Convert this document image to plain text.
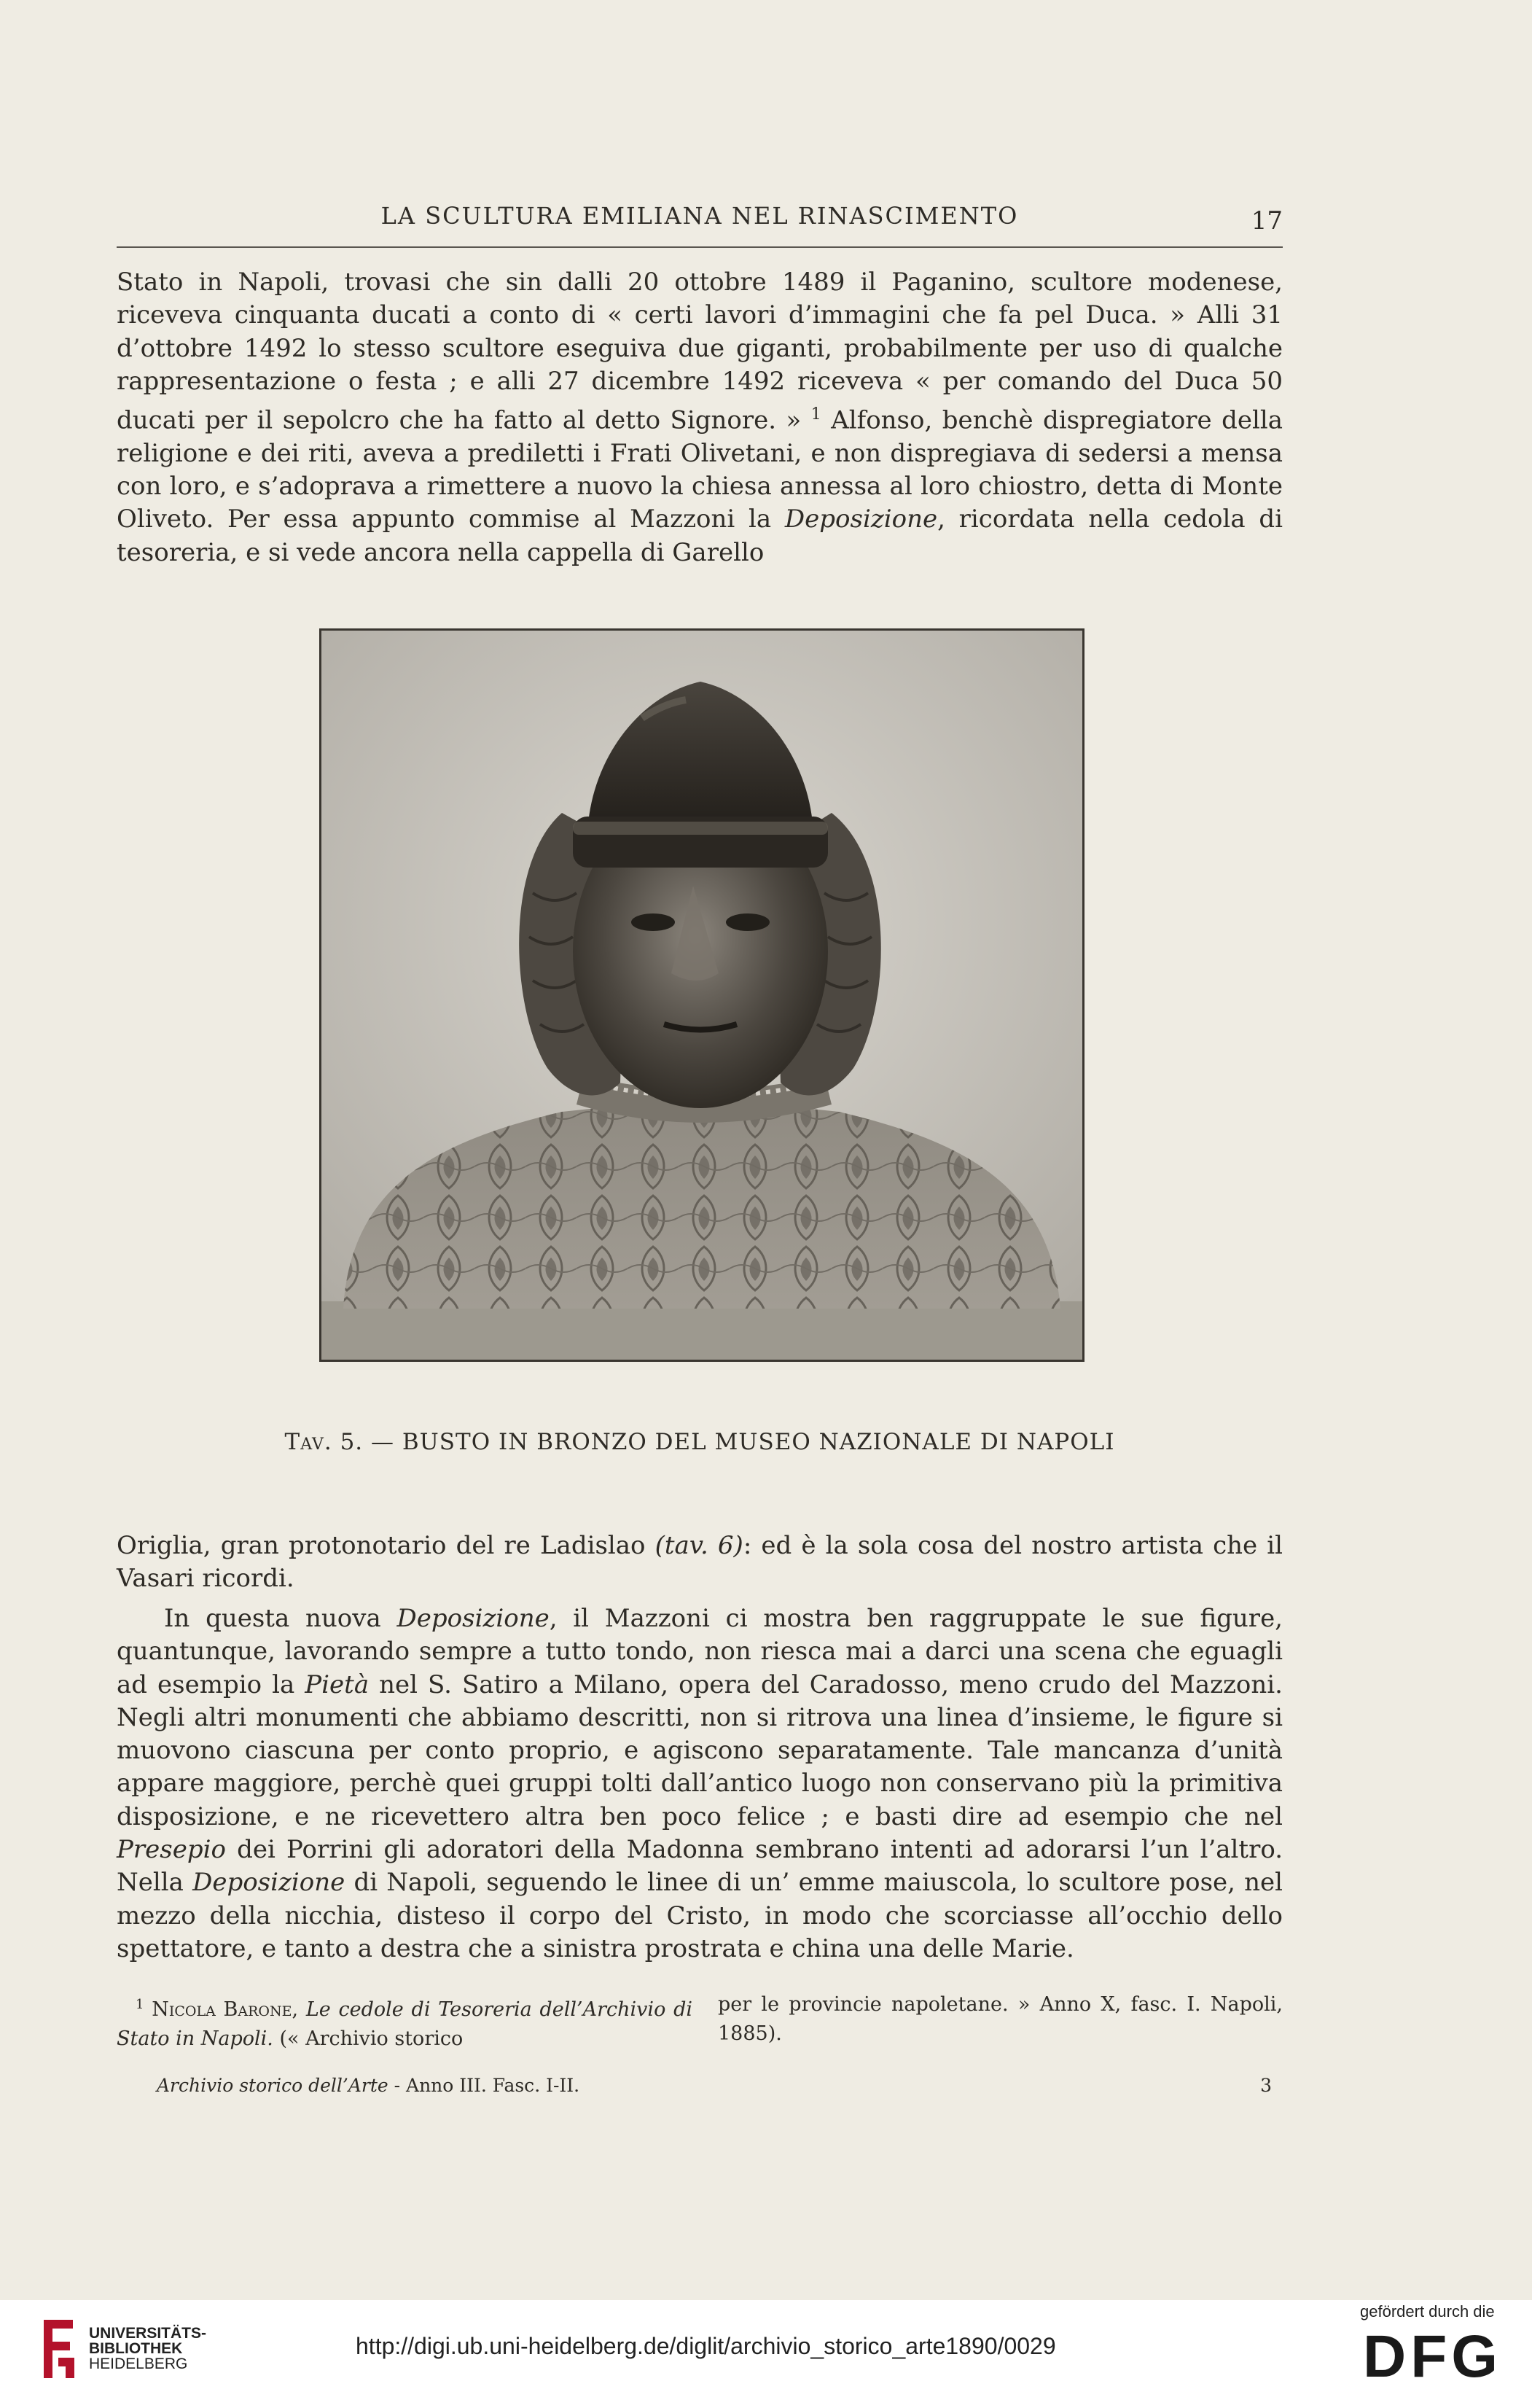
LA SCULTURA EMILIANA NEL RINASCIMENTO	17
Stato in Napoli, trovasi che sin dalli 20 ottobre 1489 il Paganino, scultore modenese, riceveva cinquanta ducati a conto di « certi lavori d’immagini che fa pel Duca. » Alli 31 d’ottobre 1492 lo stesso scultore eseguiva due giganti, probabilmente per uso di qualche rappresentazione o festa ; e alli 27 dicembre 1492 riceveva « per comando del Duca 50 ducati per il sepolcro che ha fatto al detto Signore. » $^1$ Alfonso, benchè dispregiatore della religione e dei riti, aveva a prediletti i Frati Olivetani, e non dispregiava di sedersi a mensa con loro, e s’adoprava a rimettere a nuovo la chiesa annessa al loro chiostro, detta di Monte Oliveto. Per essa appunto commise al Mazzoni la Deposizione, ricordata nella cedola di tesoreria, e si vede ancora nella cappella di Garello
Tav. 5. — BUSTO IN BRONZO DEL MUSEO NAZIONALE DI NAPOLI
Origlia, gran protonotario del re Ladislao (tav. 6): ed è la sola cosa del nostro artista che il Vasari ricordi.
In questa nuova Deposizione, il Mazzoni ci mostra ben raggruppate le sue figure, quantunque, lavorando sempre a tutto tondo, non riesca mai a darci una scena che eguagli ad esempio la Pietà nel S. Satiro a Milano, opera del Caradosso, meno crudo del Mazzoni. Negli altri monumenti che abbiamo descritti, non si ritrova una linea d’insieme, le figure si muovono ciascuna per conto proprio, e agiscono separatamente. Tale mancanza d’unità appare maggiore, perchè quei gruppi tolti dall’antico luogo non conservano più la primitiva disposizione, e ne ricevettero altra ben poco felice ; e basti dire ad esempio che nel Presepio dei Porrini gli adoratori della Madonna sembrano intenti ad adorarsi l’un l’altro. Nella Deposizione di Napoli, seguendo le linee di un’ emme maiuscola, lo scultore pose, nel mezzo della nicchia, disteso il corpo del Cristo, in modo che scorciasse all’occhio dello spettatore, e tanto a destra che a sinistra prostrata e china una delle Marie.
$^1$ Nicola Barone, Le cedole di Tesoreria dell’Archivio di Stato in Napoli. (« Archivio storico
per le provincie napoletane. » Anno X, fasc. I. Napoli, 1885).
Archivio storico dell’Arte - Anno III. Fasc. I-II.	3
UNIVERSITÄTS-
BIBLIOTHEK
HEIDELBERG
http://digi.ub.uni-heidelberg.de/diglit/archivio_storico_arte1890/0029
gefördert durch die
DFG
